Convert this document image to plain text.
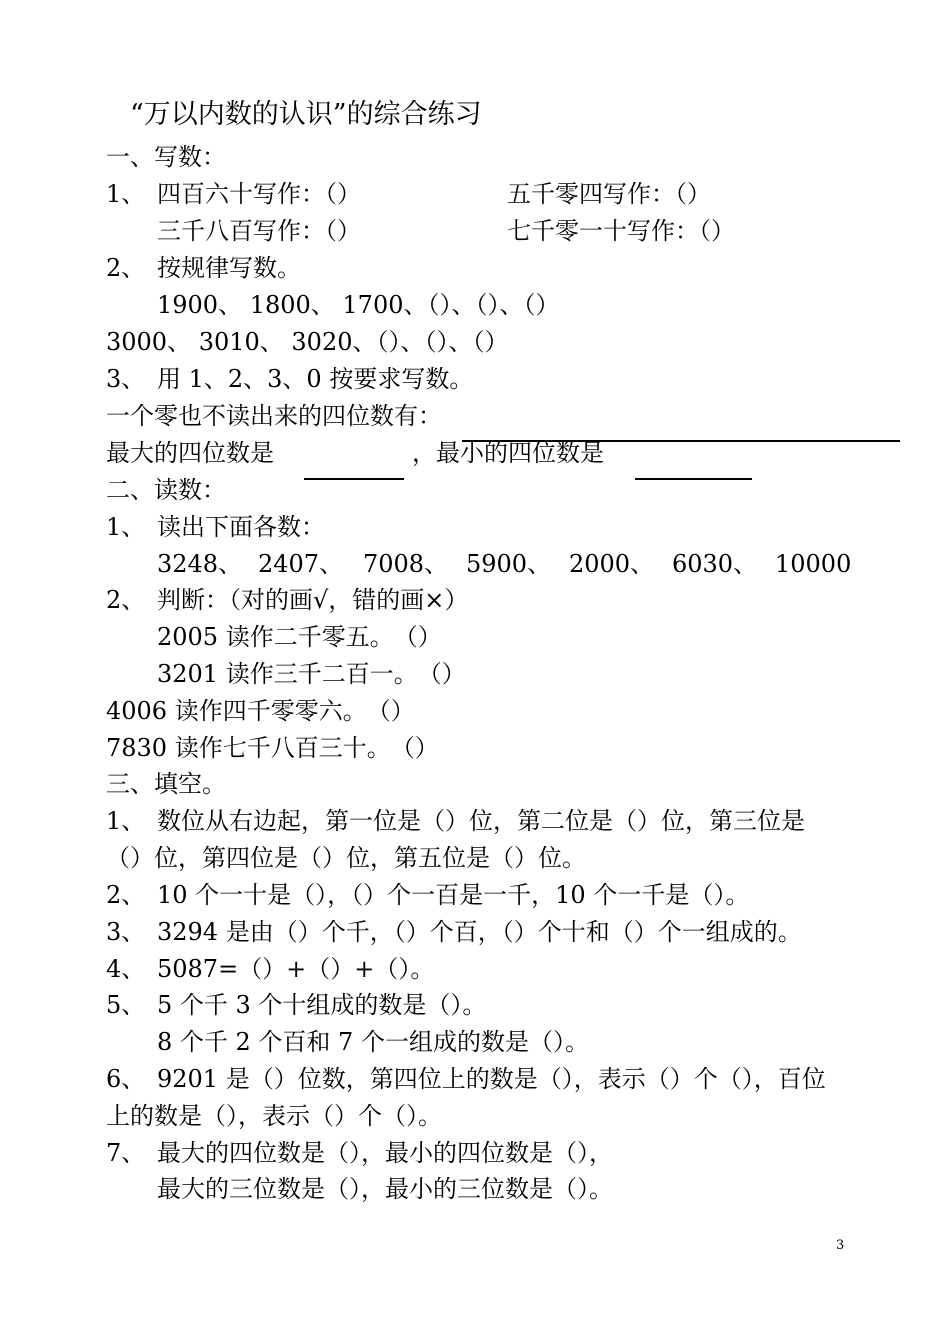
“万以内数的认识”的综合练习
一、写数：
1、 四百六十写作：（）	五千零四写作：（）
三千八百写作：（）	七千零一十写作：（）
2、 按规律写数。
1900、 1800、 1700、（）、（）、（）
3000、 3010、 3020、（）、（）、（）
3、 用 1、2、3、0 按要求写数。
一个零也不读出来的四位数有：
最大的四位数是	，最小的四位数是
二、读数：
1、 读出下面各数：
3248、 2407、 7008、 5900、 2000、 6030、 10000
2、 判断：（对的画√，错的画×）
2005 读作二千零五。　（）
3201 读作三千二百一。　（）
4006 读作四千零零六。　（）
7830 读作七千八百三十。　（）
三、填空。
1、 数位从右边起，第一位是（）位，第二位是（）位，第三位是
（）位，第四位是（）位，第五位是（）位。
2、 10 个一十是（），（）个一百是一千，10 个一千是（）。
3、 3294 是由（）个千，（）个百，（）个十和（）个一组成的。
4、 5087=（）+（）+（）。
5、 5 个千 3 个十组成的数是（）。
8 个千 2 个百和 7 个一组成的数是（）。
6、 9201 是（）位数，第四位上的数是（），表示（）个（），百位
上的数是（），表示（）个（）。
7、 最大的四位数是（），最小的四位数是（），
最大的三位数是（），最小的三位数是（）。
3
